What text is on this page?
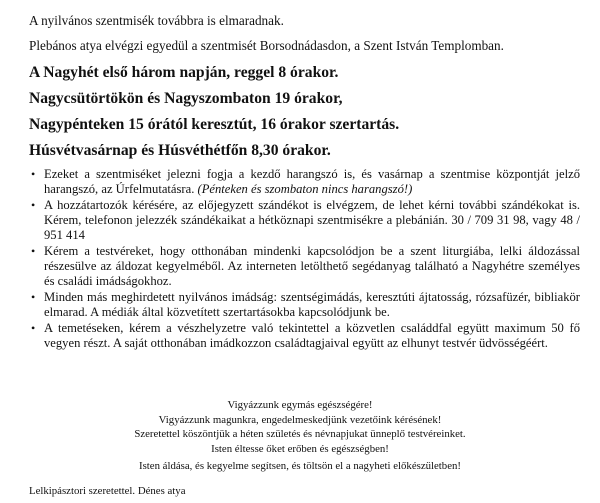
A nyilvános szentmisék továbbra is elmaradnak.
Plebános atya elvégzi egyedül a szentmisét Borsodnádasdon, a Szent István Templomban.
A Nagyhét első három napján, reggel 8 órakor.
Nagycsütörtökön és Nagyszombaton 19 órakor,
Nagypénteken 15 órától keresztút, 16 órakor szertartás.
Húsvétvasárnap és Húsvéthétfőn 8,30 órakor.
• Ezeket a szentmiséket jelezni fogja a kezdő harangszó is, és vasárnap a szentmise központját jelző harangszó, az Úrfelmutatásra. (Pénteken és szombaton nincs harangszó!)
• A hozzátartozók kérésére, az előjegyzett szándékot is elvégzem, de lehet kérni további szándékokat is. Kérem, telefonon jelezzék szándékaikat a hétköznapi szentmisékre a plebánián. 30 / 709 31 98, vagy 48 / 951 414
• Kérem a testvéreket, hogy otthonában mindenki kapcsolódjon be a szent liturgiába, lelki áldozással részesülve az áldozat kegyelméből. Az interneten letölthető segédanyag található a Nagyhétre személyes és családi imádságokhoz.
• Minden más meghirdetett nyilvános imádság: szentségimádás, keresztúti ájtatosság, rózsafüzér, bibliakör elmarad. A médiák által közvetített szertartásokba kapcsolódjunk be.
• A temetéseken, kérem a vészhelyzetre való tekintettel a közvetlen családdfal együtt maximum 50 fő vegyen részt. A saját otthonában imádkozzon családtagjaival együtt az elhunyt testvér üdvösségéért.
Vigyázzunk egymás egészségére!
Vigyázzunk magunkra, engedelmeskedjünk vezetőink kérésének!
Szeretettel köszöntjük a héten születés és névnapjukat ünneplő testvéreinket.
Isten éltesse őket erőben és egészségben!
Isten áldása, és kegyelme segítsen, és töltsön el a nagyheti előkészületben!
Lelkipásztori szeretettel. Dénes atya
